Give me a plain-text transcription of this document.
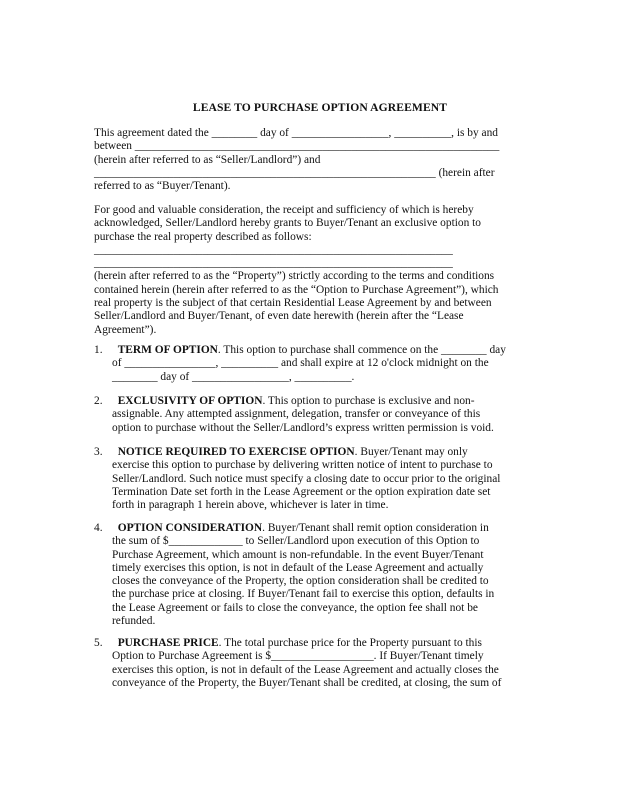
LEASE TO PURCHASE OPTION AGREEMENT
This agreement dated the ________ day of _________________, __________, is by and
between ________________________________________________________________
(herein after referred to as “Seller/Landlord”) and
____________________________________________________________ (herein after
referred to as “Buyer/Tenant).
For good and valuable consideration, the receipt and sufficiency of which is hereby
acknowledged, Seller/Landlord hereby grants to Buyer/Tenant an exclusive option to
purchase the real property described as follows:
_______________________________________________________________
_______________________________________________________________
(herein after referred to as the “Property”) strictly according to the terms and conditions
contained herein (herein after referred to as the “Option to Purchase Agreement”), which
real property is the subject of that certain Residential Lease Agreement by and between
Seller/Landlord and Buyer/Tenant, of even date herewith (herein after the “Lease
Agreement”).
1.	TERM OF OPTION. This option to purchase shall commence on the ________ day
of ________________, __________ and shall expire at 12 o'clock midnight on the
________ day of _________________, __________.
2.	EXCLUSIVITY OF OPTION. This option to purchase is exclusive and non-
assignable. Any attempted assignment, delegation, transfer or conveyance of this
option to purchase without the Seller/Landlord’s express written permission is void.
3.	NOTICE REQUIRED TO EXERCISE OPTION. Buyer/Tenant may only
exercise this option to purchase by delivering written notice of intent to purchase to
Seller/Landlord. Such notice must specify a closing date to occur prior to the original
Termination Date set forth in the Lease Agreement or the option expiration date set
forth in paragraph 1 herein above, whichever is later in time.
4.	OPTION CONSIDERATION. Buyer/Tenant shall remit option consideration in
the sum of $_____________ to Seller/Landlord upon execution of this Option to
Purchase Agreement, which amount is non-refundable. In the event Buyer/Tenant
timely exercises this option, is not in default of the Lease Agreement and actually
closes the conveyance of the Property, the option consideration shall be credited to
the purchase price at closing. If Buyer/Tenant fail to exercise this option, defaults in
the Lease Agreement or fails to close the conveyance, the option fee shall not be
refunded.
5.	PURCHASE PRICE. The total purchase price for the Property pursuant to this
Option to Purchase Agreement is $__________________. If Buyer/Tenant timely
exercises this option, is not in default of the Lease Agreement and actually closes the
conveyance of the Property, the Buyer/Tenant shall be credited, at closing, the sum of
